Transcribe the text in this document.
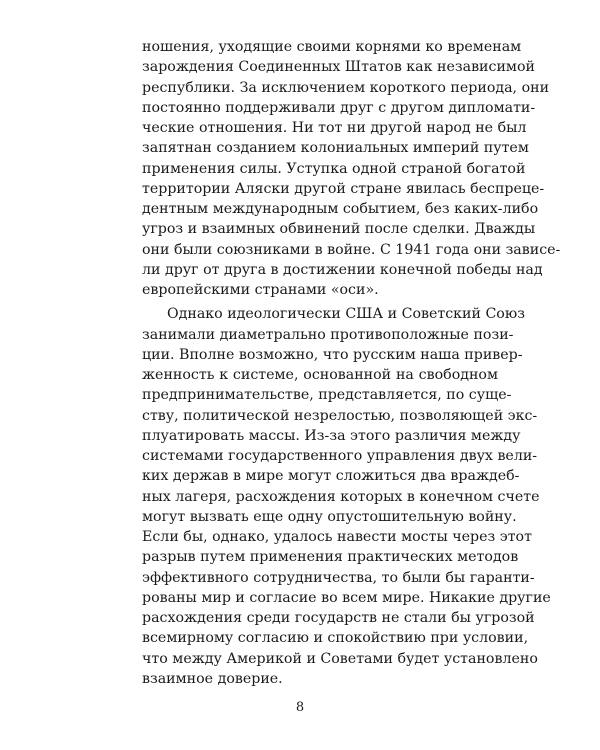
ношения, уходящие своими корнями ко временам
зарождения Соединенных Штатов как независимой
республики. За исключением короткого периода, они
постоянно поддерживали друг с другом дипломати-
ческие отношения. Ни тот ни другой народ не был
запятнан созданием колониальных империй путем
применения силы. Уступка одной страной богатой
территории Аляски другой стране явилась беспреце-
дентным международным событием, без каких-либо
угроз и взаимных обвинений после сделки. Дважды
они были союзниками в войне. С 1941 года они зависе-
ли друг от друга в достижении конечной победы над
европейскими странами «оси».
Однако идеологически США и Советский Союз
занимали диаметрально противоположные пози-
ции. Вполне возможно, что русским наша привер-
женность к системе, основанной на свободном
предпринимательстве, представляется, по суще-
ству, политической незрелостью, позволяющей экс-
плуатировать массы. Из-за этого различия между
системами государственного управления двух вели-
ких держав в мире могут сложиться два враждеб-
ных лагеря, расхождения которых в конечном счете
могут вызвать еще одну опустошительную войну.
Если бы, однако, удалось навести мосты через этот
разрыв путем применения практических методов
эффективного сотрудничества, то были бы гаранти-
рованы мир и согласие во всем мире. Никакие другие
расхождения среди государств не стали бы угрозой
всемирному согласию и спокойствию при условии,
что между Америкой и Советами будет установлено
взаимное доверие.
8
